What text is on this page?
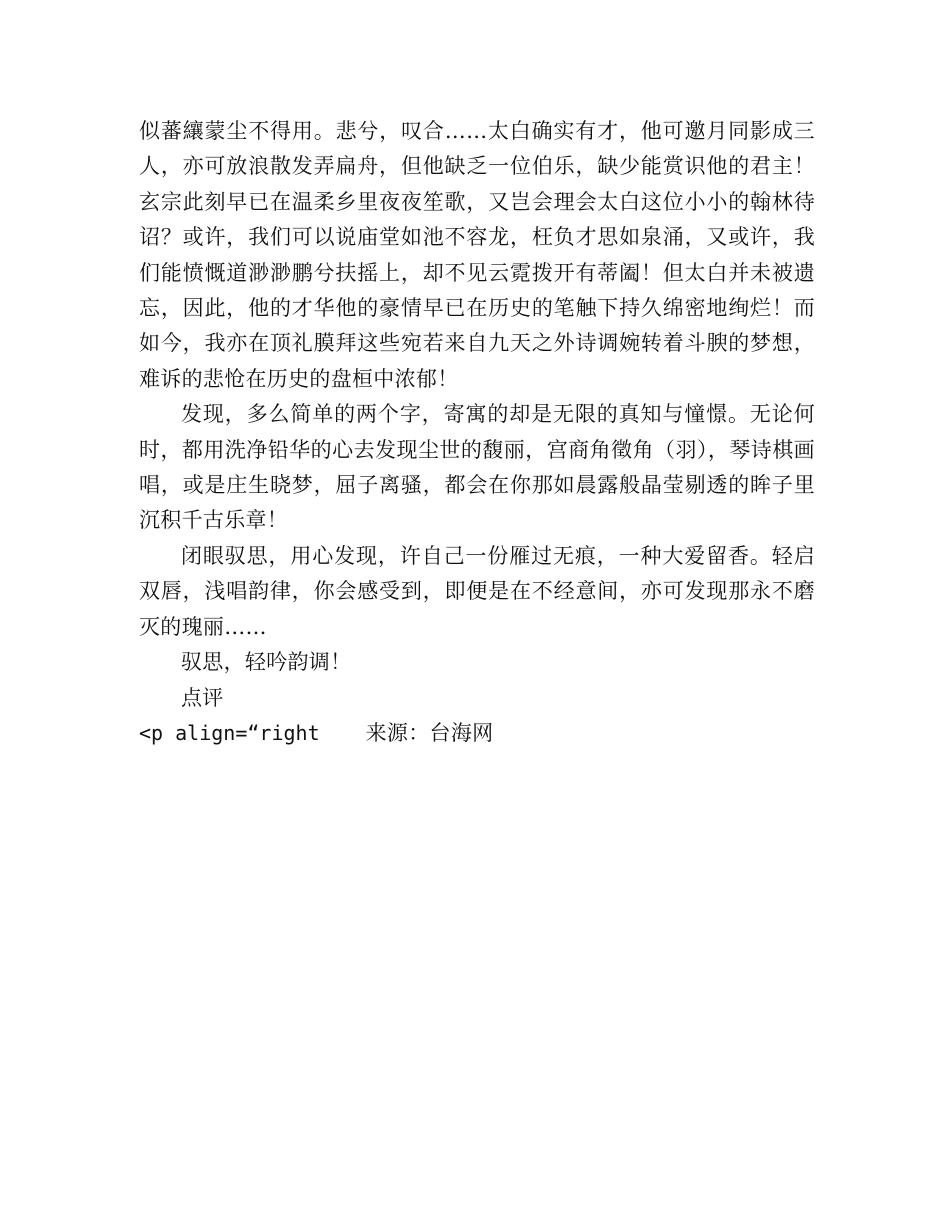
似蕃纕蒙尘不得用。悲兮，叹合……太白确实有才，他可邀月同影成三人，亦可放浪散发弄扁舟，但他缺乏一位伯乐，缺少能赏识他的君主！玄宗此刻早已在温柔乡里夜夜笙歌，又岂会理会太白这位小小的翰林待诏？或许，我们可以说庙堂如池不容龙，枉负才思如泉涌，又或许，我们能愤慨道渺渺鹏兮扶摇上，却不见云霓拨开有蒂阖！但太白并未被遗忘，因此，他的才华他的豪情早已在历史的笔触下持久绵密地绚烂！而如今，我亦在顶礼膜拜这些宛若来自九天之外诗调婉转着斗腴的梦想，难诉的悲怆在历史的盘桓中浓郁！

发现，多么简单的两个字，寄寓的却是无限的真知与憧憬。无论何时，都用洗净铅华的心去发现尘世的馥丽，宫商角徵角（羽），琴诗棋画唱，或是庄生晓梦，屈子离骚，都会在你那如晨露般晶莹剔透的眸子里沉积千古乐章！

闭眼驭思，用心发现，许自己一份雁过无痕，一种大爱留香。轻启双唇，浅唱韵律，你会感受到，即便是在不经意间，亦可发现那永不磨灭的瑰丽……

驭思，轻吟韵调！

点评

<p align=“right 来源：台海网
